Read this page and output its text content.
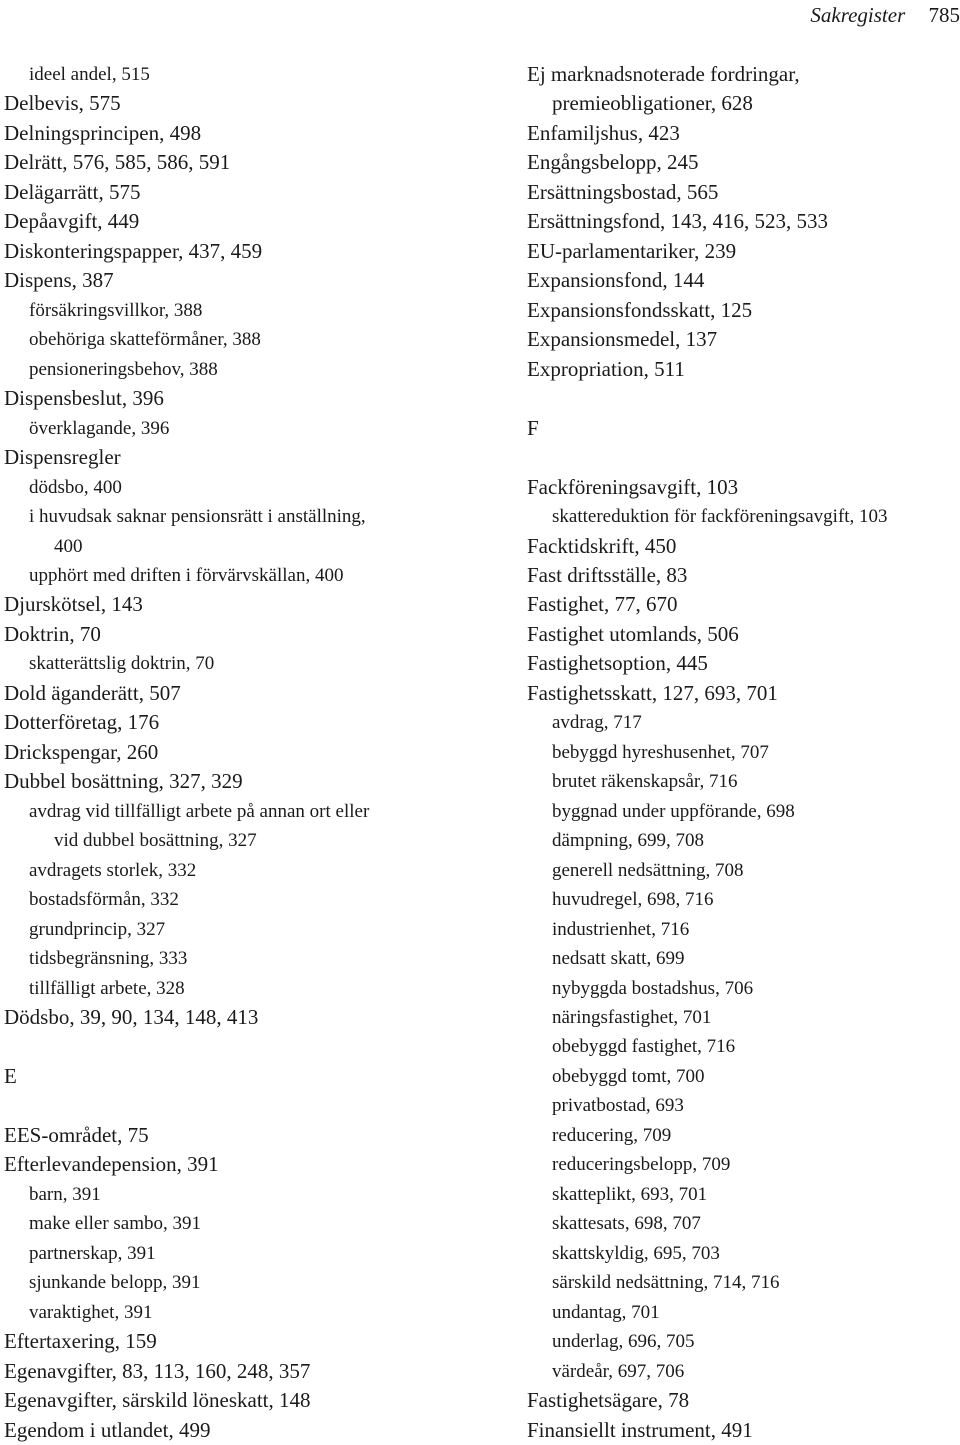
Sakregister 785
ideel andel, 515
Delbevis, 575
Delningsprincipen, 498
Delrätt, 576, 585, 586, 591
Delägarrätt, 575
Depåavgift, 449
Diskonteringspapper, 437, 459
Dispens, 387
försäkringsvillkor, 388
obehöriga skatteförmåner, 388
pensioneringsbehov, 388
Dispensbeslut, 396
överklagande, 396
Dispensregler
dödsbo, 400
i huvudsak saknar pensionsrätt i anställning,
400
upphört med driften i förvärvskällan, 400
Djurskötsel, 143
Doktrin, 70
skatterättslig doktrin, 70
Dold äganderätt, 507
Dotterföretag, 176
Drickspengar, 260
Dubbel bosättning, 327, 329
avdrag vid tillfälligt arbete på annan ort eller
vid dubbel bosättning, 327
avdragets storlek, 332
bostadsförmån, 332
grundprincip, 327
tidsbegränsning, 333
tillfälligt arbete, 328
Dödsbo, 39, 90, 134, 148, 413
E
EES-området, 75
Efterlevandepension, 391
barn, 391
make eller sambo, 391
partnerskap, 391
sjunkande belopp, 391
varaktighet, 391
Eftertaxering, 159
Egenavgifter, 83, 113, 160, 248, 357
Egenavgifter, särskild löneskatt, 148
Egendom i utlandet, 499
Ej marknadsnoterade fordringar,
premieobligationer, 628
Enfamiljshus, 423
Engångsbelopp, 245
Ersättningsbostad, 565
Ersättningsfond, 143, 416, 523, 533
EU-parlamentariker, 239
Expansionsfond, 144
Expansionsfondsskatt, 125
Expansionsmedel, 137
Expropriation, 511
F
Fackföreningsavgift, 103
skattereduktion för fackföreningsavgift, 103
Facktidskrift, 450
Fast driftsställe, 83
Fastighet, 77, 670
Fastighet utomlands, 506
Fastighetsoption, 445
Fastighetsskatt, 127, 693, 701
avdrag, 717
bebyggd hyreshusenhet, 707
brutet räkenskapsår, 716
byggnad under uppförande, 698
dämpning, 699, 708
generell nedsättning, 708
huvudregel, 698, 716
industrienhet, 716
nedsatt skatt, 699
nybyggda bostadshus, 706
näringsfastighet, 701
obebyggd fastighet, 716
obebyggd tomt, 700
privatbostad, 693
reducering, 709
reduceringsbelopp, 709
skatteplikt, 693, 701
skattesats, 698, 707
skattskyldig, 695, 703
särskild nedsättning, 714, 716
undantag, 701
underlag, 696, 705
värdeår, 697, 706
Fastighetsägare, 78
Finansiellt instrument, 491
